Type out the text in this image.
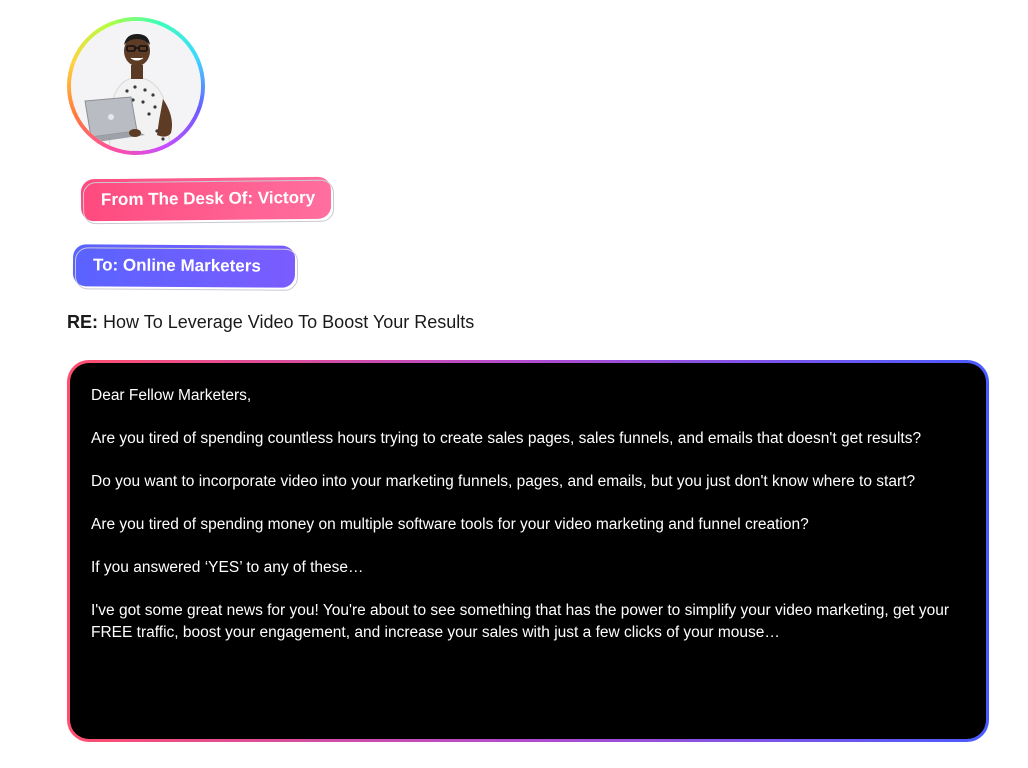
From The Desk Of: Victory
To: Online Marketers
RE: How To Leverage Video To Boost Your Results

Dear Fellow Marketers,

Are you tired of spending countless hours trying to create sales pages, sales funnels, and emails that doesn't get results?

Do you want to incorporate video into your marketing funnels, pages, and emails, but you just don't know where to start?

Are you tired of spending money on multiple software tools for your video marketing and funnel creation?

If you answered ‘YES’ to any of these…

I've got some great news for you! You're about to see something that has the power to simplify your video marketing, get your FREE traffic, boost your engagement, and increase your sales with just a few clicks of your mouse…
